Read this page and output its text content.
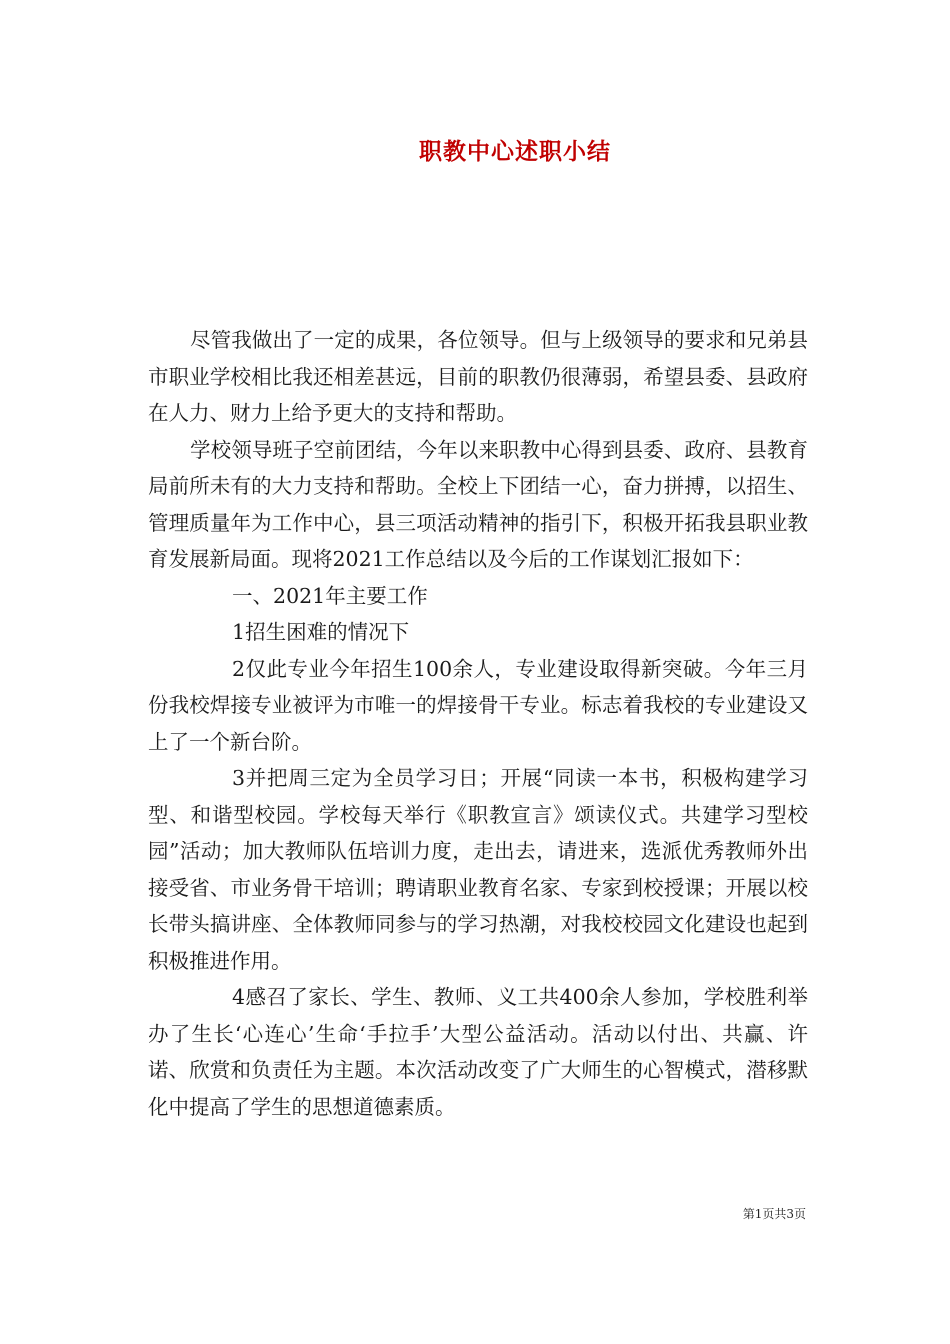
职教中心述职小结

尽管我做出了一定的成果，各位领导。但与上级领导的要求和兄弟县市职业学校相比我还相差甚远，目前的职教仍很薄弱，希望县委、县政府在人力、财力上给予更大的支持和帮助。

学校领导班子空前团结，今年以来职教中心得到县委、政府、县教育局前所未有的大力支持和帮助。全校上下团结一心，奋力拼搏，以招生、管理质量年为工作中心，县三项活动精神的指引下，积极开拓我县职业教育发展新局面。现将2021工作总结以及今后的工作谋划汇报如下：

一、2021年主要工作

1招生困难的情况下

2仅此专业今年招生100余人，专业建设取得新突破。今年三月份我校焊接专业被评为市唯一的焊接骨干专业。标志着我校的专业建设又上了一个新台阶。

3并把周三定为全员学习日；开展“同读一本书，积极构建学习型、和谐型校园。学校每天举行《职教宣言》颂读仪式。共建学习型校园”活动；加大教师队伍培训力度，走出去，请进来，选派优秀教师外出接受省、市业务骨干培训；聘请职业教育名家、专家到校授课；开展以校长带头搞讲座、全体教师同参与的学习热潮，对我校校园文化建设也起到积极推进作用。

4感召了家长、学生、教师、义工共400余人参加，学校胜利举办了生长‘心连心’生命‘手拉手’大型公益活动。活动以付出、共赢、许诺、欣赏和负责任为主题。本次活动改变了广大师生的心智模式，潜移默化中提高了学生的思想道德素质。

第1页共3页
